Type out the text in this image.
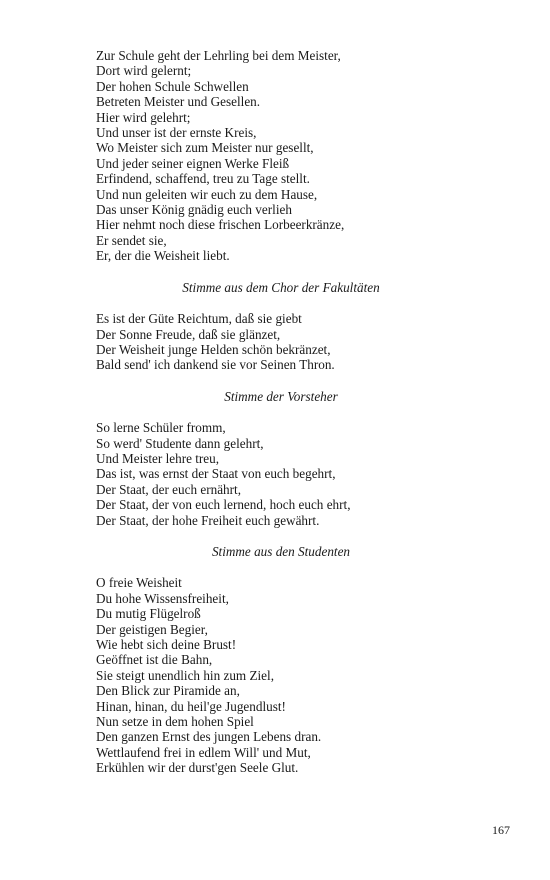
Zur Schule geht der Lehrling bei dem Meister,
Dort wird gelernt;
Der hohen Schule Schwellen
Betreten Meister und Gesellen.
Hier wird gelehrt;
Und unser ist der ernste Kreis,
Wo Meister sich zum Meister nur gesellt,
Und jeder seiner eignen Werke Fleiß
Erfindend, schaffend, treu zu Tage stellt.
Und nun geleiten wir euch zu dem Hause,
Das unser König gnädig euch verlieh
Hier nehmt noch diese frischen Lorbeerkränze,
Er sendet sie,
Er, der die Weisheit liebt.
Stimme aus dem Chor der Fakultäten
Es ist der Güte Reichtum, daß sie giebt
Der Sonne Freude, daß sie glänzet,
Der Weisheit junge Helden schön bekränzet,
Bald send' ich dankend sie vor Seinen Thron.
Stimme der Vorsteher
So lerne Schüler fromm,
So werd' Studente dann gelehrt,
Und Meister lehre treu,
Das ist, was ernst der Staat von euch begehrt,
Der Staat, der euch ernährt,
Der Staat, der von euch lernend, hoch euch ehrt,
Der Staat, der hohe Freiheit euch gewährt.
Stimme aus den Studenten
O freie Weisheit
Du hohe Wissensfreiheit,
Du mutig Flügelroß
Der geistigen Begier,
Wie hebt sich deine Brust!
Geöffnet ist die Bahn,
Sie steigt unendlich hin zum Ziel,
Den Blick zur Piramide an,
Hinan, hinan, du heil'ge Jugendlust!
Nun setze in dem hohen Spiel
Den ganzen Ernst des jungen Lebens dran.
Wettlaufend frei in edlem Will' und Mut,
Erkühlen wir der durst'gen Seele Glut.
167
